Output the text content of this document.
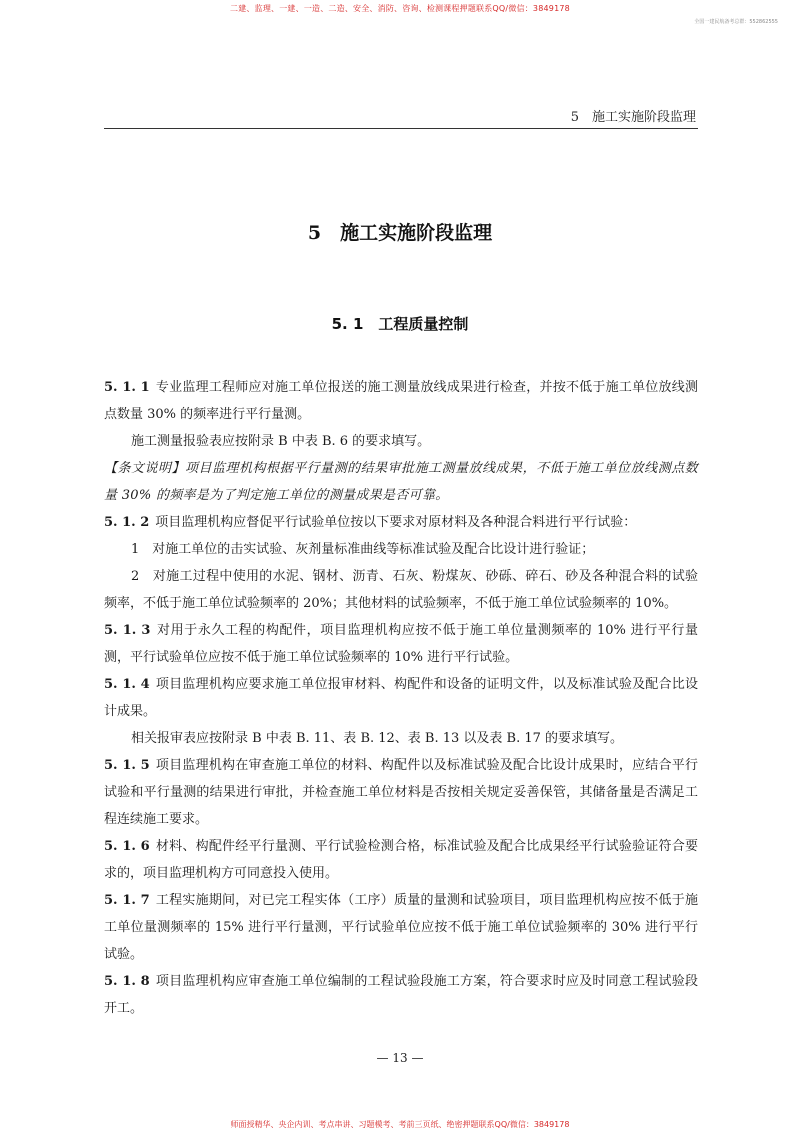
二建、监理、一建、一造、二造、安全、消防、咨询、检测课程押题联系QQ/微信：3849178
全国一建民航备考总群：552862555
5　施工实施阶段监理
5　施工实施阶段监理
5. 1　工程质量控制

5. 1. 1 专业监理工程师应对施工单位报送的施工测量放线成果进行检查，并按不低于施工单位放线测点数量 30% 的频率进行平行量测。

施工测量报验表应按附录 B 中表 B. 6 的要求填写。

【条文说明】项目监理机构根据平行量测的结果审批施工测量放线成果，不低于施工单位放线测点数量 30% 的频率是为了判定施工单位的测量成果是否可靠。

5. 1. 2 项目监理机构应督促平行试验单位按以下要求对原材料及各种混合料进行平行试验：

1　对施工单位的击实试验、灰剂量标准曲线等标准试验及配合比设计进行验证；

2　对施工过程中使用的水泥、钢材、沥青、石灰、粉煤灰、砂砾、碎石、砂及各种混合料的试验频率，不低于施工单位试验频率的 20%；其他材料的试验频率，不低于施工单位试验频率的 10%。

5. 1. 3 对用于永久工程的构配件，项目监理机构应按不低于施工单位量测频率的 10% 进行平行量测，平行试验单位应按不低于施工单位试验频率的 10% 进行平行试验。

5. 1. 4 项目监理机构应要求施工单位报审材料、构配件和设备的证明文件，以及标准试验及配合比设计成果。

相关报审表应按附录 B 中表 B. 11、表 B. 12、表 B. 13 以及表 B. 17 的要求填写。

5. 1. 5 项目监理机构在审查施工单位的材料、构配件以及标准试验及配合比设计成果时，应结合平行试验和平行量测的结果进行审批，并检查施工单位材料是否按相关规定妥善保管，其储备量是否满足工程连续施工要求。

5. 1. 6 材料、构配件经平行量测、平行试验检测合格，标准试验及配合比成果经平行试验验证符合要求的，项目监理机构方可同意投入使用。

5. 1. 7 工程实施期间，对已完工程实体（工序）质量的量测和试验项目，项目监理机构应按不低于施工单位量测频率的 15% 进行平行量测，平行试验单位应按不低于施工单位试验频率的 30% 进行平行试验。

5. 1. 8 项目监理机构应审查施工单位编制的工程试验段施工方案，符合要求时应及时同意工程试验段开工。

— 13 —
师面授精华、央企内训、考点串讲、习题模考、考前三页纸、绝密押题联系QQ/微信：3849178
